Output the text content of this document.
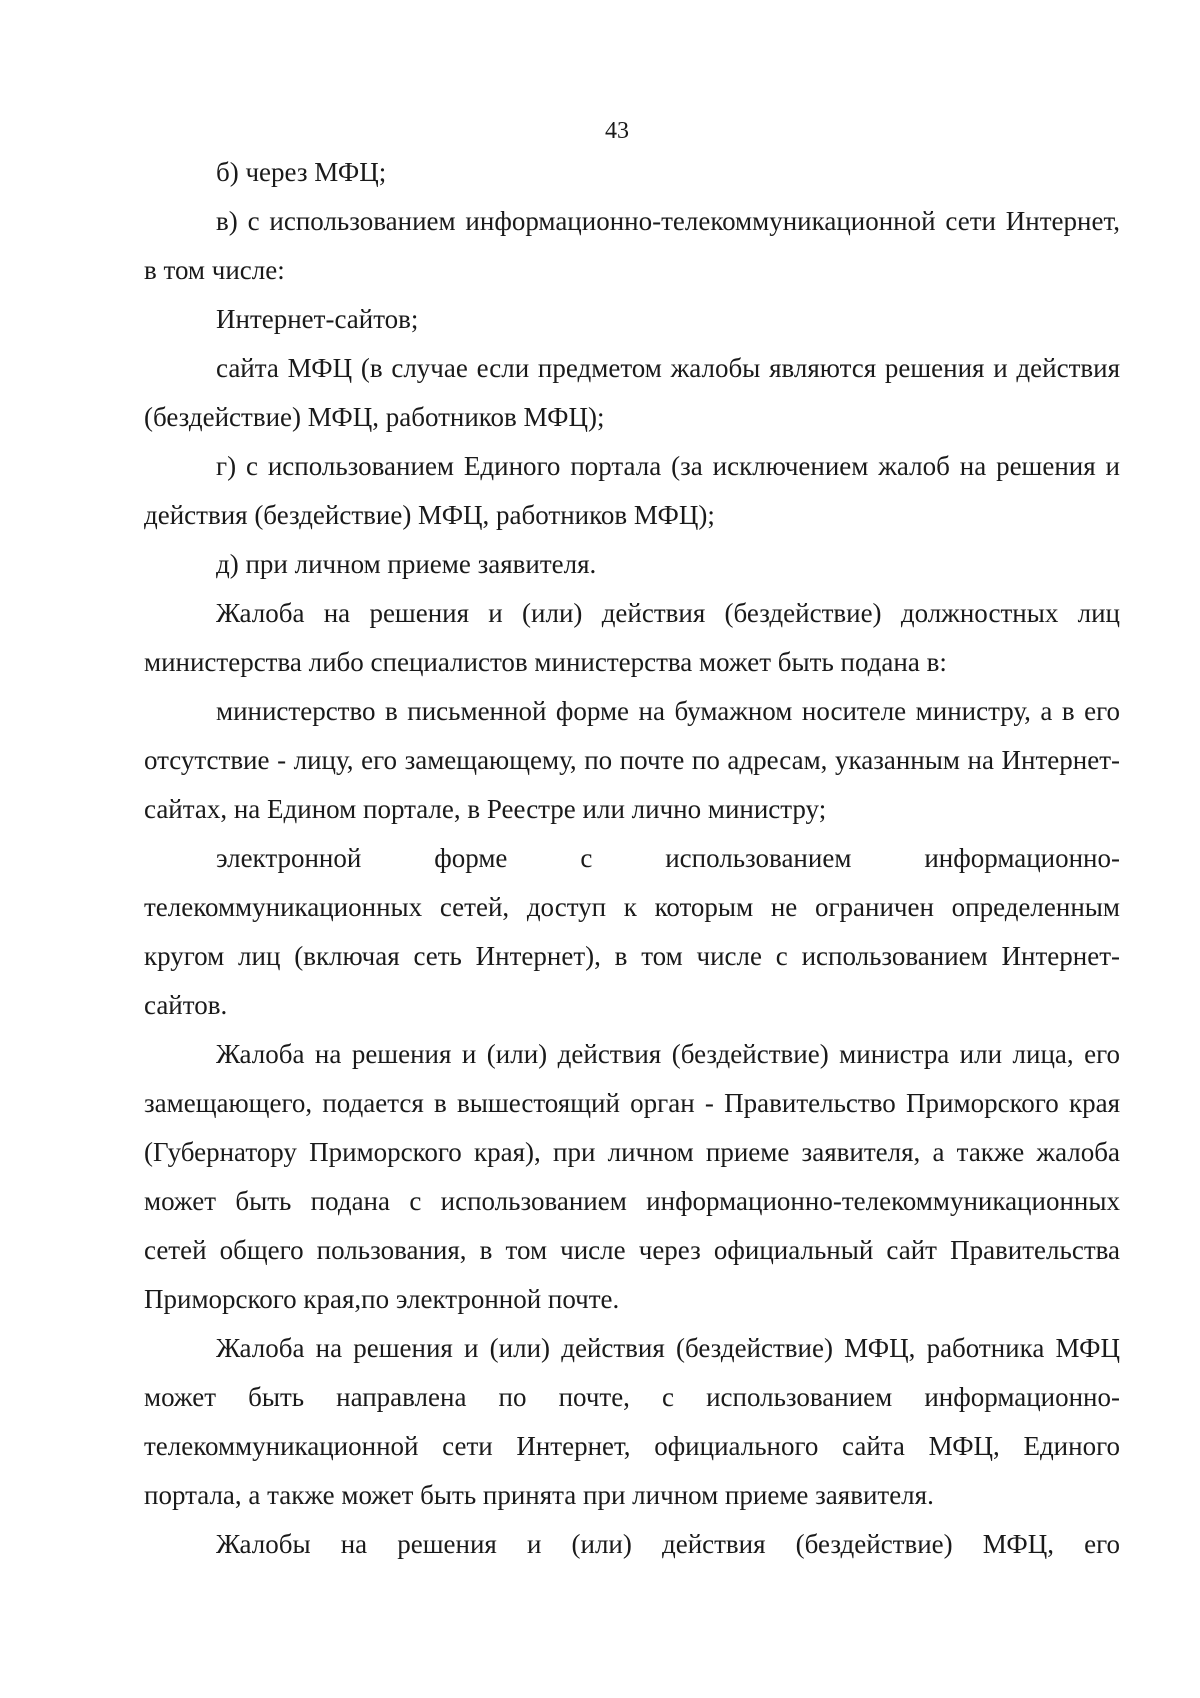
43

б) через МФЦ;

в) с использованием информационно-телекоммуникационной сети Интернет, в том числе:

Интернет-сайтов;

сайта МФЦ (в случае если предметом жалобы являются решения и действия (бездействие) МФЦ, работников МФЦ);

г) с использованием Единого портала (за исключением жалоб на решения и действия (бездействие) МФЦ, работников МФЦ);

д) при личном приеме заявителя.

Жалоба на решения и (или) действия (бездействие) должностных лиц министерства либо специалистов министерства может быть подана в:

министерство в письменной форме на бумажном носителе министру, а в его отсутствие - лицу, его замещающему, по почте по адресам, указанным на Интернет-сайтах, на Едином портале, в Реестре или лично министру;

электронной форме с использованием информационно-телекоммуникационных сетей, доступ к которым не ограничен определенным кругом лиц (включая сеть Интернет), в том числе с использованием Интернет-сайтов.

Жалоба на решения и (или) действия (бездействие) министра или лица, его замещающего, подается в вышестоящий орган - Правительство Приморского края (Губернатору Приморского края), при личном приеме заявителя, а также жалоба может быть подана с использованием информационно-телекоммуникационных сетей общего пользования, в том числе через официальный сайт Правительства Приморского края,по электронной почте.

Жалоба на решения и (или) действия (бездействие) МФЦ, работника МФЦ может быть направлена по почте, с использованием информационно-телекоммуникационной сети Интернет, официального сайта МФЦ, Единого портала, а также может быть принята при личном приеме заявителя.

Жалобы на решения и (или) действия (бездействие) МФЦ, его
